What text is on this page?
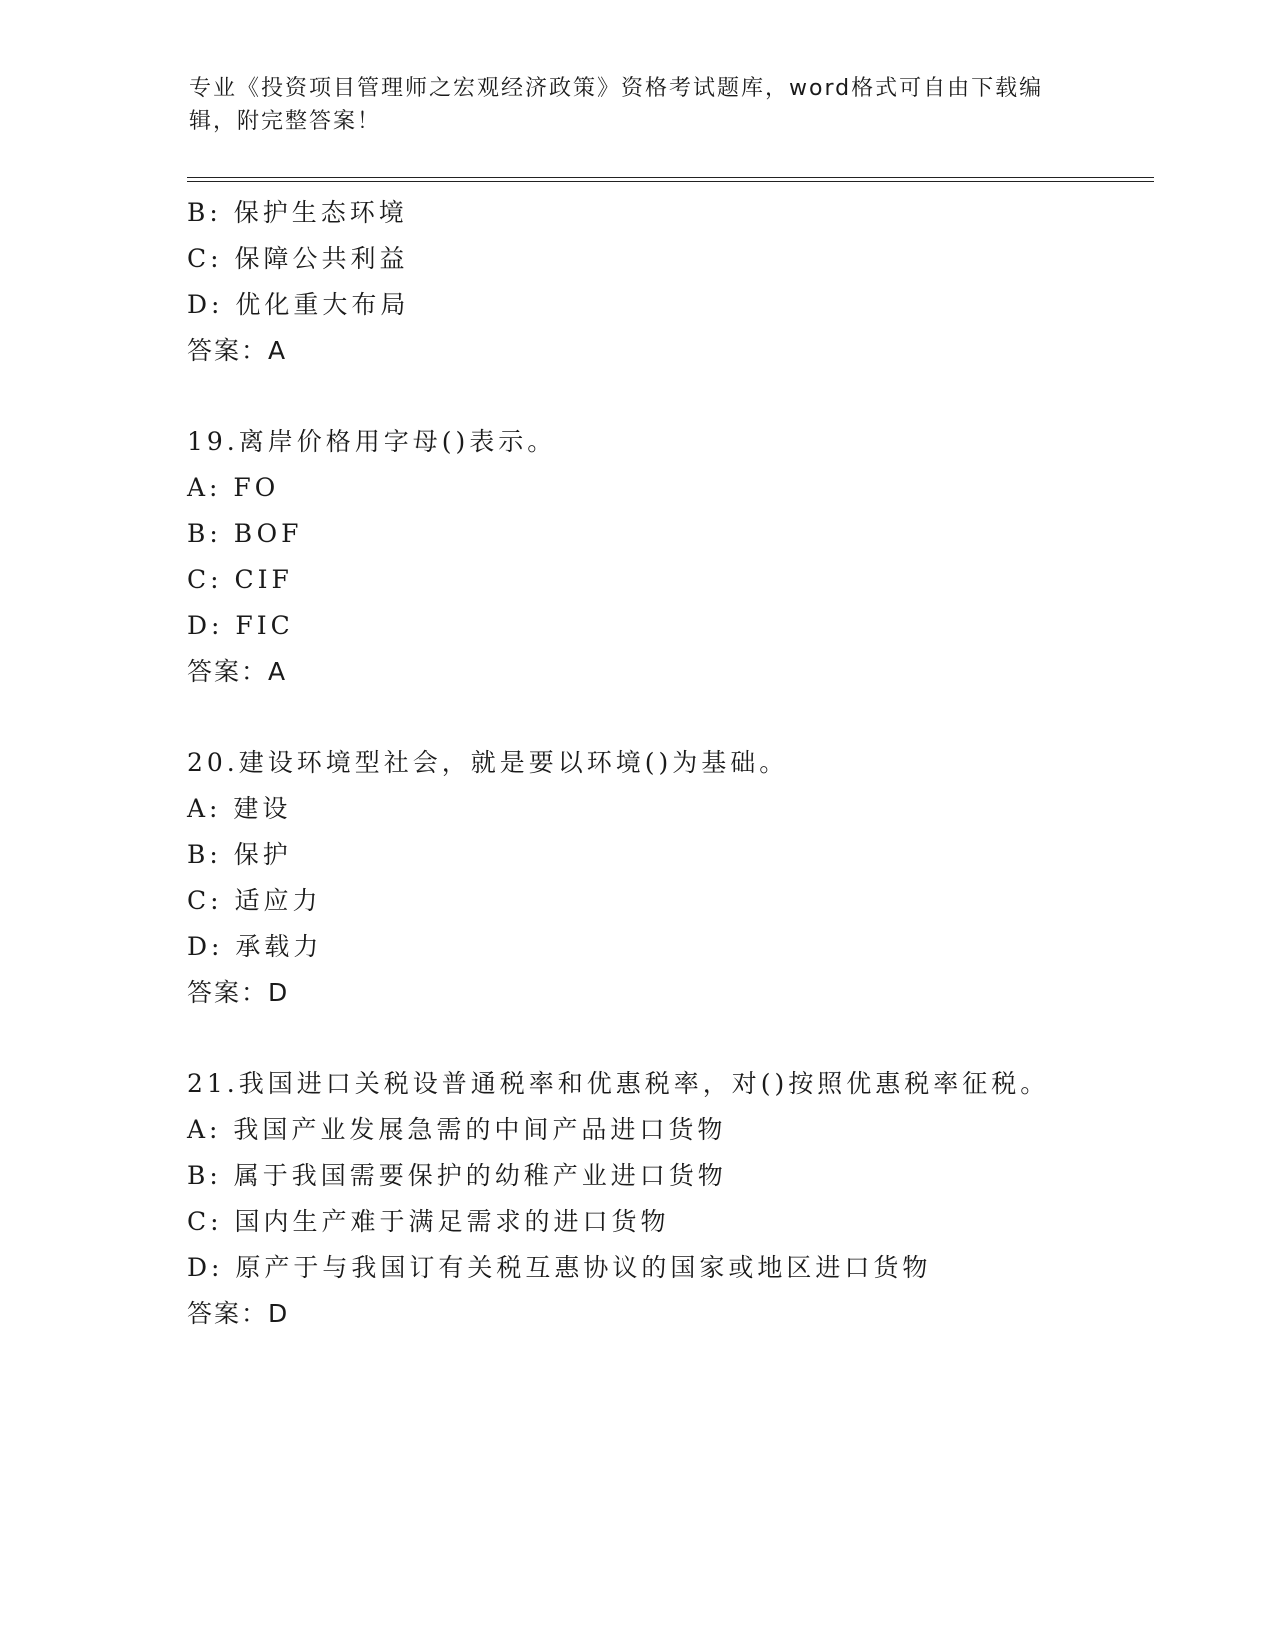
专业《投资项目管理师之宏观经济政策》资格考试题库，word格式可自由下载编
辑，附完整答案！
B: 保护生态环境
C: 保障公共利益
D: 优化重大布局
答案：A
19.离岸价格用字母()表示。
A: FO
B: BOF
C: CIF
D: FIC
答案：A
20.建设环境型社会，就是要以环境()为基础。
A: 建设
B: 保护
C: 适应力
D: 承载力
答案：D
21.我国进口关税设普通税率和优惠税率，对()按照优惠税率征税。
A: 我国产业发展急需的中间产品进口货物
B: 属于我国需要保护的幼稚产业进口货物
C: 国内生产难于满足需求的进口货物
D: 原产于与我国订有关税互惠协议的国家或地区进口货物
答案：D
